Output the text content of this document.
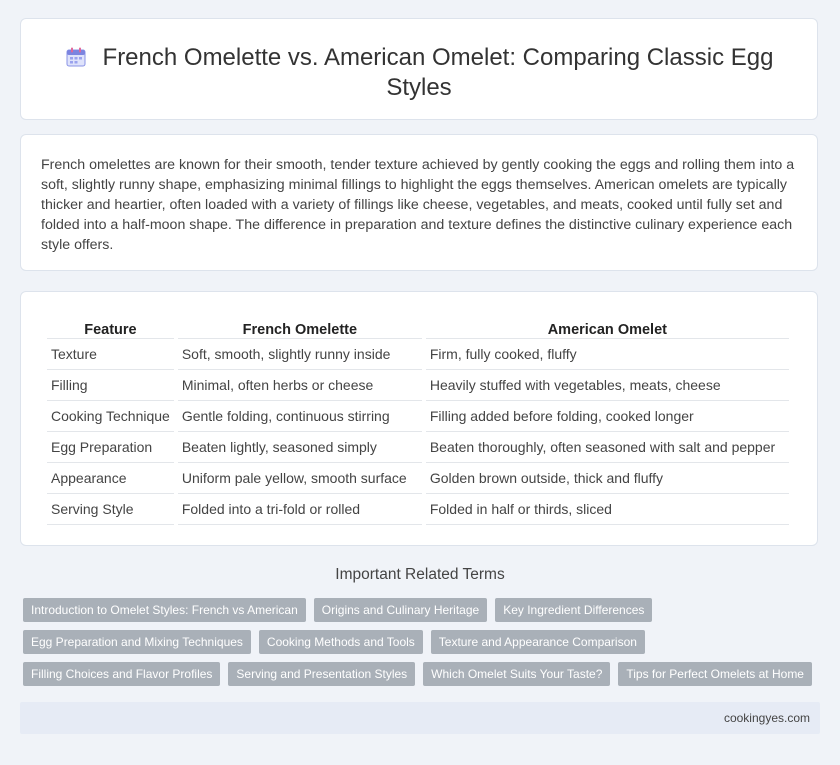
French Omelette vs. American Omelet: Comparing Classic Egg Styles
French omelettes are known for their smooth, tender texture achieved by gently cooking the eggs and rolling them into a soft, slightly runny shape, emphasizing minimal fillings to highlight the eggs themselves. American omelets are typically thicker and heartier, often loaded with a variety of fillings like cheese, vegetables, and meats, cooked until fully set and folded into a half-moon shape. The difference in preparation and texture defines the distinctive culinary experience each style offers.
Feature	French Omelette	American Omelet
Texture	Soft, smooth, slightly runny inside	Firm, fully cooked, fluffy
Filling	Minimal, often herbs or cheese	Heavily stuffed with vegetables, meats, cheese
Cooking Technique	Gentle folding, continuous stirring	Filling added before folding, cooked longer
Egg Preparation	Beaten lightly, seasoned simply	Beaten thoroughly, often seasoned with salt and pepper
Appearance	Uniform pale yellow, smooth surface	Golden brown outside, thick and fluffy
Serving Style	Folded into a tri-fold or rolled	Folded in half or thirds, sliced
Important Related Terms
Introduction to Omelet Styles: French vs American	Origins and Culinary Heritage	Key Ingredient Differences
Egg Preparation and Mixing Techniques	Cooking Methods and Tools	Texture and Appearance Comparison
Filling Choices and Flavor Profiles	Serving and Presentation Styles	Which Omelet Suits Your Taste?	Tips for Perfect Omelets at Home
cookingyes.com
